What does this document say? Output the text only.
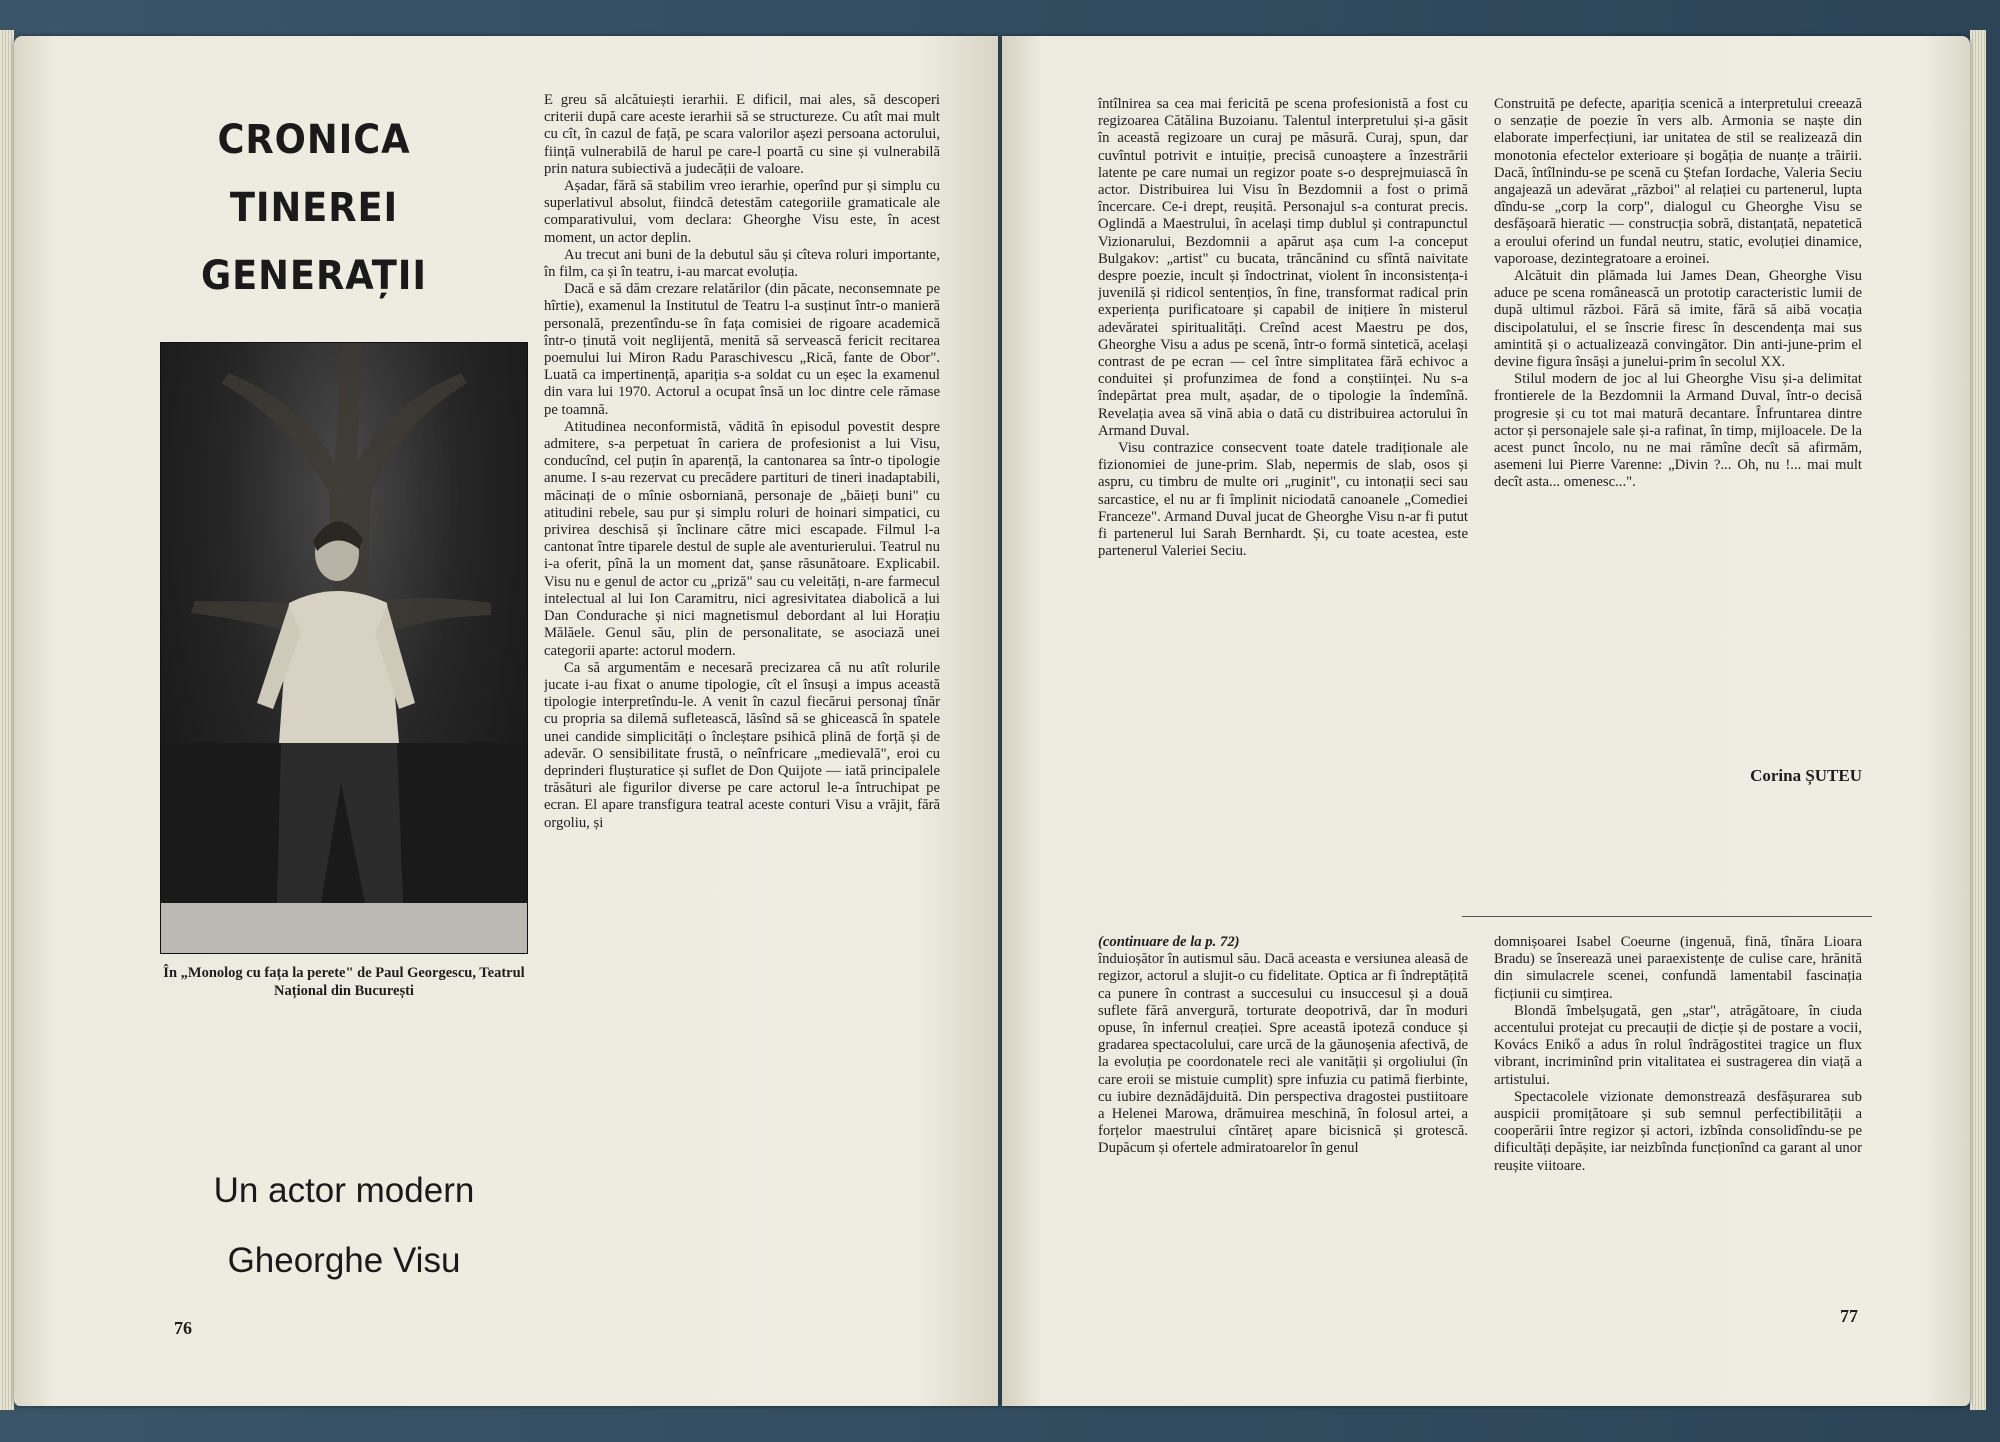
CRONICA
TINEREI
GENERAȚII
În „Monolog cu fața la perete" de Paul Georgescu, Teatrul Național din București
Un actor modern
Gheorghe Visu
76

E greu să alcătuiești ierarhii. E dificil, mai ales, să descoperi criterii după care aceste ierarhii să se structureze. Cu atît mai mult cu cît, în cazul de față, pe scara valorilor așezi persoana actorului, ființă vulnerabilă de harul pe care-l poartă cu sine și vulnerabilă prin natura subiectivă a judecății de valoare.

Așadar, fără să stabilim vreo ierarhie, operînd pur și simplu cu superlativul absolut, fiindcă detestăm categoriile gramaticale ale comparativului, vom declara: Gheorghe Visu este, în acest moment, un actor deplin.

Au trecut ani buni de la debutul său și cîteva roluri importante, în film, ca și în teatru, i-au marcat evoluția.

Dacă e să dăm crezare relatărilor (din păcate, neconsemnate pe hîrtie), examenul la Institutul de Teatru l-a susținut într-o manieră personală, prezentîndu-se în fața comisiei de rigoare academică într-o ținută voit neglijentă, menită să servească fericit recitarea poemului lui Miron Radu Paraschivescu „Rică, fante de Obor". Luată ca impertinență, apariția s-a soldat cu un eșec la examenul din vara lui 1970. Actorul a ocupat însă un loc dintre cele rămase pe toamnă.

Atitudinea neconformistă, vădită în episodul povestit despre admitere, s-a perpetuat în cariera de profesionist a lui Visu, conducînd, cel puțin în aparență, la cantonarea sa într-o tipologie anume. I s-au rezervat cu precădere partituri de tineri inadaptabili, măcinați de o mînie osborniană, personaje de „băieți buni" cu atitudini rebele, sau pur și simplu roluri de hoinari simpatici, cu privirea deschisă și înclinare către mici escapade. Filmul l-a cantonat între tiparele destul de suple ale aventurierului. Teatrul nu i-a oferit, pînă la un moment dat, șanse răsunătoare. Explicabil. Visu nu e genul de actor cu „priză" sau cu veleități, n-are farmecul intelectual al lui Ion Caramitru, nici agresivitatea diabolică a lui Dan Condurache și nici magnetismul debordant al lui Horațiu Mălăele. Genul său, plin de personalitate, se asociază unei categorii aparte: actorul modern.

Ca să argumentăm e necesară precizarea că nu atît rolurile jucate i-au fixat o anume tipologie, cît el însuși a impus această tipologie interpretîndu-le. A venit în cazul fiecărui personaj tînăr cu propria sa dilemă sufletească, lăsînd să se ghicească în spatele unei candide simplicități o încleștare psihică plină de forță și de adevăr. O sensibilitate frustă, o neînfricare „medievală", eroi cu deprinderi flușturatice și suflet de Don Quijote — iată principalele trăsături ale figurilor diverse pe care actorul le-a întruchipat pe ecran. El apare transfigura teatral aceste conturi Visu a vrăjit, fără orgoliu, și

întîlnirea sa cea mai fericită pe scena profesionistă a fost cu regizoarea Cătălina Buzoianu. Talentul interpretului și-a găsit în această regizoare un curaj pe măsură. Curaj, spun, dar cuvîntul potrivit e intuiție, precisă cunoaștere a înzestrării latente pe care numai un regizor poate s-o desprejmuiască în actor. Distribuirea lui Visu în Bezdomnii a fost o primă încercare. Ce-i drept, reușită. Personajul s-a conturat precis. Oglindă a Maestrului, în același timp dublul și contrapunctul Vizionarului, Bezdomnii a apărut așa cum l-a conceput Bulgakov: „artist" cu bucata, trăncănind cu sfîntă naivitate despre poezie, incult și îndoctrinat, violent în inconsistența-i juvenilă și ridicol sentențios, în fine, transformat radical prin experiența purificatoare și capabil de inițiere în misterul adevăratei spiritualități. Creînd acest Maestru pe dos, Gheorghe Visu a adus pe scenă, într-o formă sintetică, același contrast de pe ecran — cel între simplitatea fără echivoc a conduitei și profunzimea de fond a conștiinței. Nu s-a îndepărtat prea mult, așadar, de o tipologie la îndemînă. Revelația avea să vină abia o dată cu distribuirea actorului în Armand Duval.

Visu contrazice consecvent toate datele tradiționale ale fizionomiei de june-prim. Slab, nepermis de slab, osos și aspru, cu timbru de multe ori „ruginit", cu intonații seci sau sarcastice, el nu ar fi împlinit niciodată canoanele „Comediei Franceze". Armand Duval jucat de Gheorghe Visu n-ar fi putut fi partenerul lui Sarah Bernhardt. Și, cu toate acestea, este partenerul Valeriei Seciu.

Construită pe defecte, apariția scenică a interpretului creează o senzație de poezie în vers alb. Armonia se naște din elaborate imperfecțiuni, iar unitatea de stil se realizează din monotonia efectelor exterioare și bogăția de nuanțe a trăirii. Dacă, întîlnindu-se pe scenă cu Ștefan Iordache, Valeria Seciu angajează un adevărat „război" al relației cu partenerul, lupta dîndu-se „corp la corp", dialogul cu Gheorghe Visu se desfășoară hieratic — construcția sobră, distanțată, nepatetică a eroului oferind un fundal neutru, static, evoluției dinamice, vaporoase, dezintegratoare a eroinei.

Alcătuit din plămada lui James Dean, Gheorghe Visu aduce pe scena românească un prototip caracteristic lumii de după ultimul război. Fără să imite, fără să aibă vocația discipolatului, el se înscrie firesc în descendența mai sus amintită și o actualizează convingător. Din anti-june-prim el devine figura însăși a junelui-prim în secolul XX.

Stilul modern de joc al lui Gheorghe Visu și-a delimitat frontierele de la Bezdomnii la Armand Duval, într-o decisă progresie și cu tot mai matură decantare. Înfruntarea dintre actor și personajele sale și-a rafinat, în timp, mijloacele. De la acest punct încolo, nu ne mai rămîne decît să afirmăm, asemeni lui Pierre Varenne: „Divin ?... Oh, nu !... mai mult decît asta... omenesc...".

Corina ȘUTEU

(continuare de la p. 72)

înduioșător în autismul său. Dacă aceasta e versiunea aleasă de regizor, actorul a slujit-o cu fidelitate. Optica ar fi îndreptățită ca punere în contrast a succesului cu insuccesul și a două suflete fără anvergură, torturate deopotrivă, dar în moduri opuse, în infernul creației. Spre această ipoteză conduce și gradarea spectacolului, care urcă de la găunoșenia afectivă, de la evoluția pe coordonatele reci ale vanității și orgoliului (în care eroii se mistuie cumplit) spre infuzia cu patimă fierbinte, cu iubire deznădăjduită. Din perspectiva dragostei pustiitoare a Helenei Marowa, drămuirea meschină, în folosul artei, a forțelor maestrului cîntăreț apare bicisnică și grotescă. Dupăcum și ofertele admiratoarelor în genul

domnișoarei Isabel Coeurne (ingenuă, fină, tînăra Lioara Bradu) se înserează unei paraexistențe de culise care, hrănită din simulacrele scenei, confundă lamentabil fascinația ficțiunii cu simțirea.

Blondă îmbelșugată, gen „star", atrăgătoare, în ciuda accentului protejat cu precauții de dicție și de postare a vocii, Kovács Enikő a adus în rolul îndrăgostitei tragice un flux vibrant, incriminînd prin vitalitatea ei sustragerea din viață a artistului.

Spectacolele vizionate demonstrează desfășurarea sub auspicii promițătoare și sub semnul perfectibilității a cooperării între regizor și actori, izbînda consolidîndu-se pe dificultăți depășite, iar neizbînda funcționînd ca garant al unor reușite viitoare.

77
